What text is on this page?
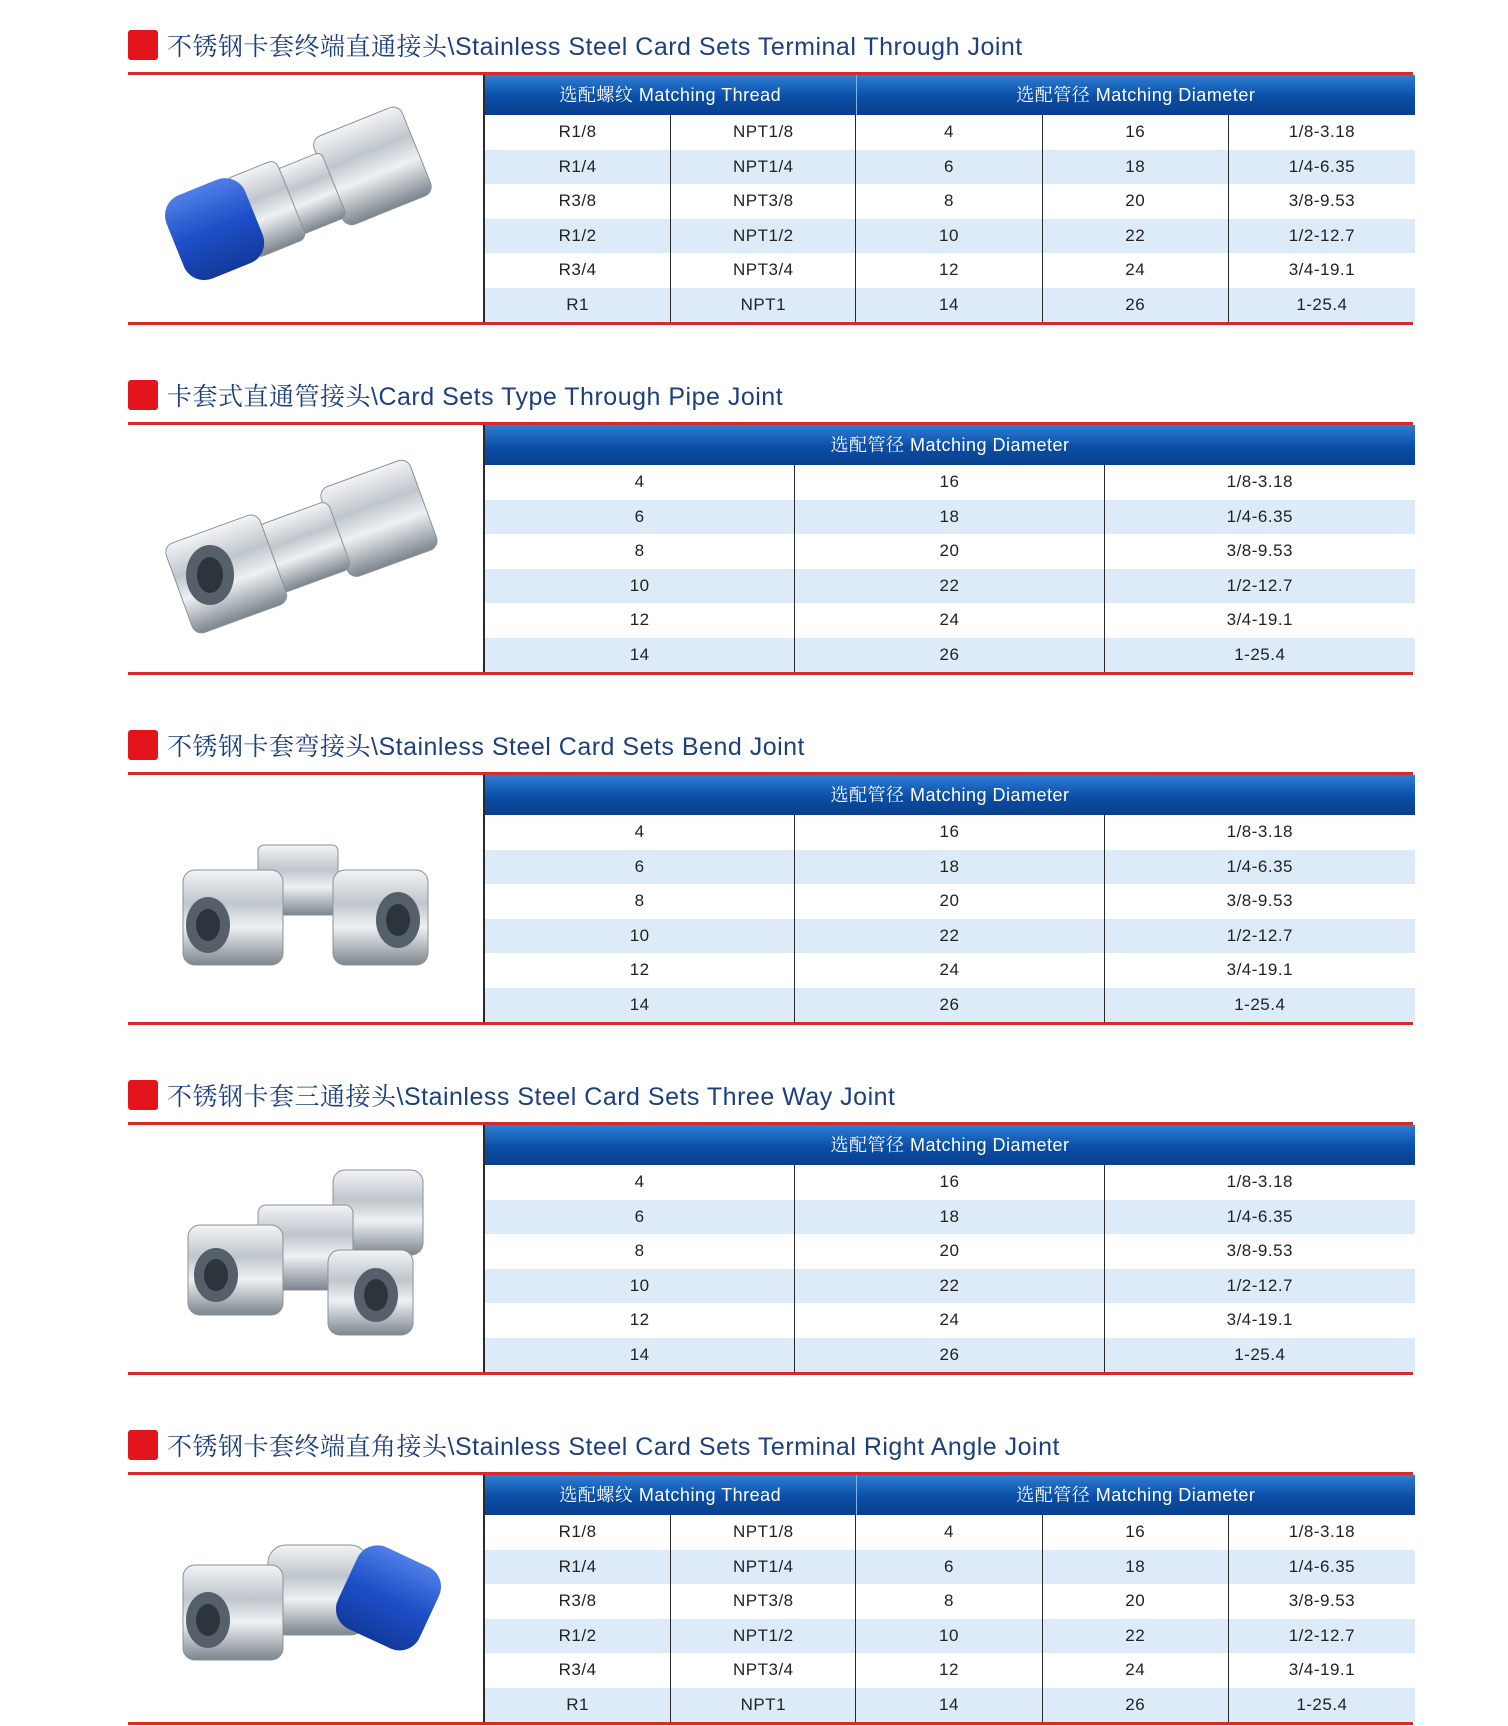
不锈钢卡套终端直通接头\Stainless Steel Card Sets Terminal Through Joint
选配螺纹 Matching Thread	选配管径 Matching Diameter
R1/8	NPT1/8	4	16	1/8-3.18
R1/4	NPT1/4	6	18	1/4-6.35
R3/8	NPT3/8	8	20	3/8-9.53
R1/2	NPT1/2	10	22	1/2-12.7
R3/4	NPT3/4	12	24	3/4-19.1
R1	NPT1	14	26	1-25.4
卡套式直通管接头\Card Sets Type Through Pipe Joint
选配管径 Matching Diameter
4	16	1/8-3.18
6	18	1/4-6.35
8	20	3/8-9.53
10	22	1/2-12.7
12	24	3/4-19.1
14	26	1-25.4
不锈钢卡套弯接头\Stainless Steel Card Sets Bend Joint
选配管径 Matching Diameter
4	16	1/8-3.18
6	18	1/4-6.35
8	20	3/8-9.53
10	22	1/2-12.7
12	24	3/4-19.1
14	26	1-25.4
不锈钢卡套三通接头\Stainless Steel Card Sets Three Way Joint
选配管径 Matching Diameter
4	16	1/8-3.18
6	18	1/4-6.35
8	20	3/8-9.53
10	22	1/2-12.7
12	24	3/4-19.1
14	26	1-25.4
不锈钢卡套终端直角接头\Stainless Steel Card Sets Terminal Right Angle Joint
选配螺纹 Matching Thread	选配管径 Matching Diameter
R1/8	NPT1/8	4	16	1/8-3.18
R1/4	NPT1/4	6	18	1/4-6.35
R3/8	NPT3/8	8	20	3/8-9.53
R1/2	NPT1/2	10	22	1/2-12.7
R3/4	NPT3/4	12	24	3/4-19.1
R1	NPT1	14	26	1-25.4
